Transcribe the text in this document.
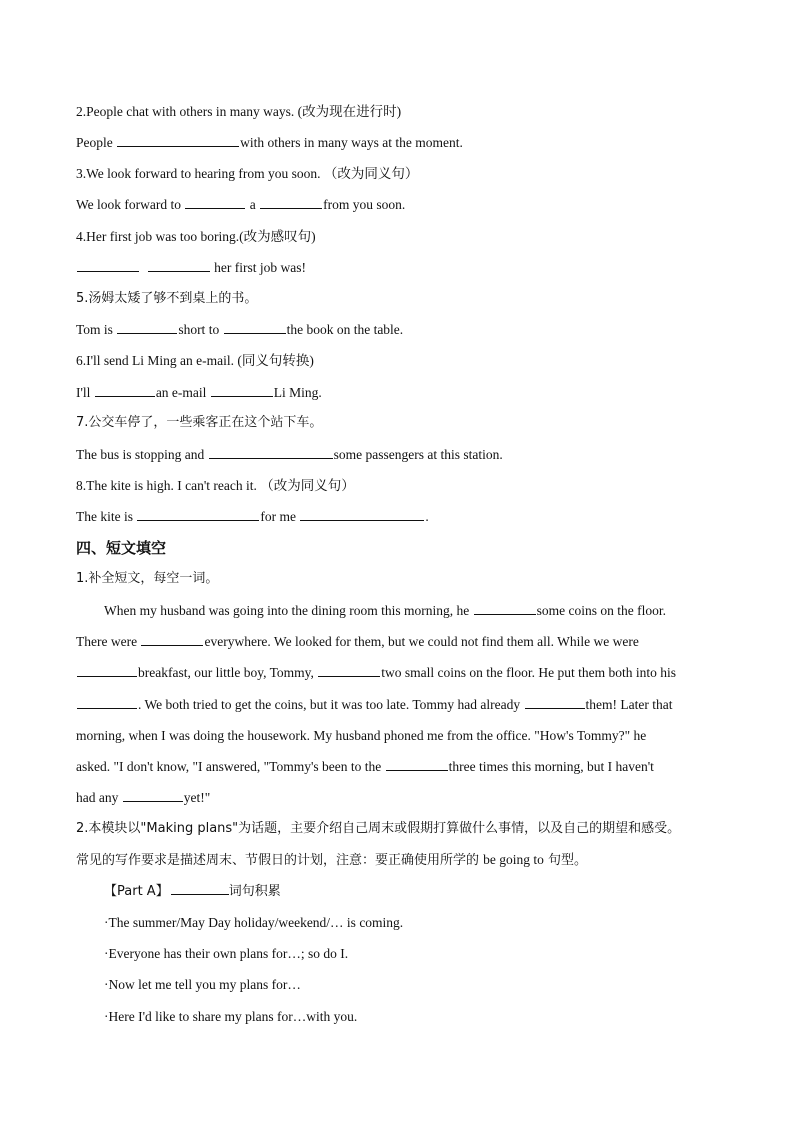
2.People chat with others in many ways. (改为现在进行时)
People	with others in many ways at the moment.
3.We look forward to hearing from you soon. （改为同义句）
We look forward to	a	from you soon.
4.Her first job was too boring.(改为感叹句)
her first job was!
5.汤姆太矮了够不到桌上的书。
Tom is	short to	the book on the table.
6.I'll send Li Ming an e-mail. (同义句转换)
I'll	an e-mail	Li Ming.
7.公交车停了，一些乘客正在这个站下车。
The bus is stopping and	some passengers at this station.
8.The kite is high. I can't reach it. （改为同义句）
The kite is	for me	.
四、短文填空
1.补全短文，每空一词。
When my husband was going into the dining room this morning, he	some coins on the floor.
There were	everywhere. We looked for them, but we could not find them all. While we were
breakfast, our little boy, Tommy,	two small coins on the floor. He put them both into his
. We both tried to get the coins, but it was too late. Tommy had already	them! Later that
morning, when I was doing the housework. My husband phoned me from the office. "How's Tommy?" he
asked. "I don't know, "I answered, "Tommy's been to the	three times this morning, but I haven't
had any	yet!"
2.本模块以"Making plans"为话题，主要介绍自己周末或假期打算做什么事情，以及自己的期望和感受。
常见的写作要求是描述周末、节假日的计划，注意：要正确使用所学的 be going to 句型。
【Part A】	词句积累
·The summer/May Day holiday/weekend/… is coming.
·Everyone has their own plans for…; so do I.
·Now let me tell you my plans for…
·Here I'd like to share my plans for…with you.
